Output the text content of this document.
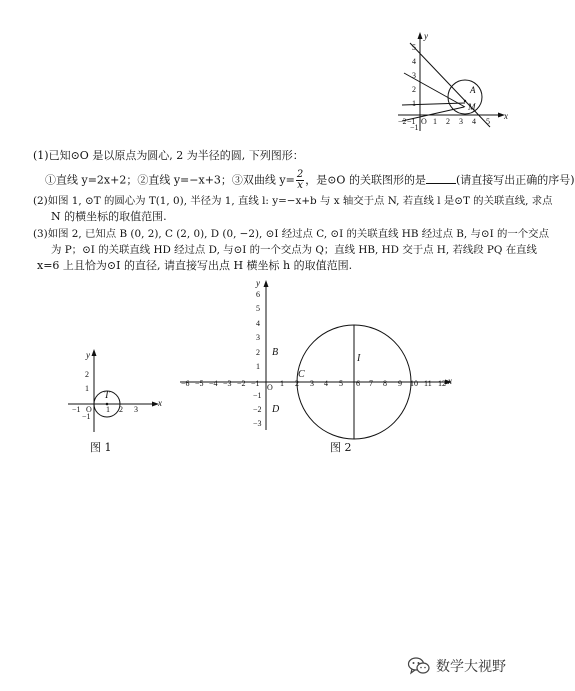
y
x
A
M
5
4
3
2
1
−1
−2 −1 O 1 2 3 4 5
(1)已知⊙O 是以原点为圆心, 2 为半径的圆, 下列图形：
①直线 y=2x+2；②直线 y=−x+3；③双曲线 $y= \frac{2}{x}$ ，是⊙O 的关联图形的是	(请直接写出正确的序号)
(2)如图 1, ⊙T 的圆心为 T(1, 0), 半径为 1, 直线 l: y=−x+b 与 x 轴交于点 N, 若直线 l 是⊙T 的关联直线, 求点
N 的横坐标的取值范围.
(3)如图 2, 已知点 B (0, 2), C (2, 0), D (0, −2), ⊙I 经过点 C, ⊙I 的关联直线 HB 经过点 B, 与⊙I 的一个交点
为 P；⊙I 的关联直线 HD 经过点 D, 与⊙I 的一个交点为 Q；直线 HB, HD 交于点 H, 若线段 PQ 在直线
x=6 上且恰为⊙I 的直径, 请直接写出点 H 横坐标 h 的取值范围.
y
x
T
2
1
−1
−1 O 1 2 3
图 1
y
x
I
B
C
D
6
5
4
3
2
1
−1
−2
−3
−6 −5 −4 −3 −2 −1 O 1 2 3 4 5 6 7 8 9 10 11 12
图 2
数学大视野
